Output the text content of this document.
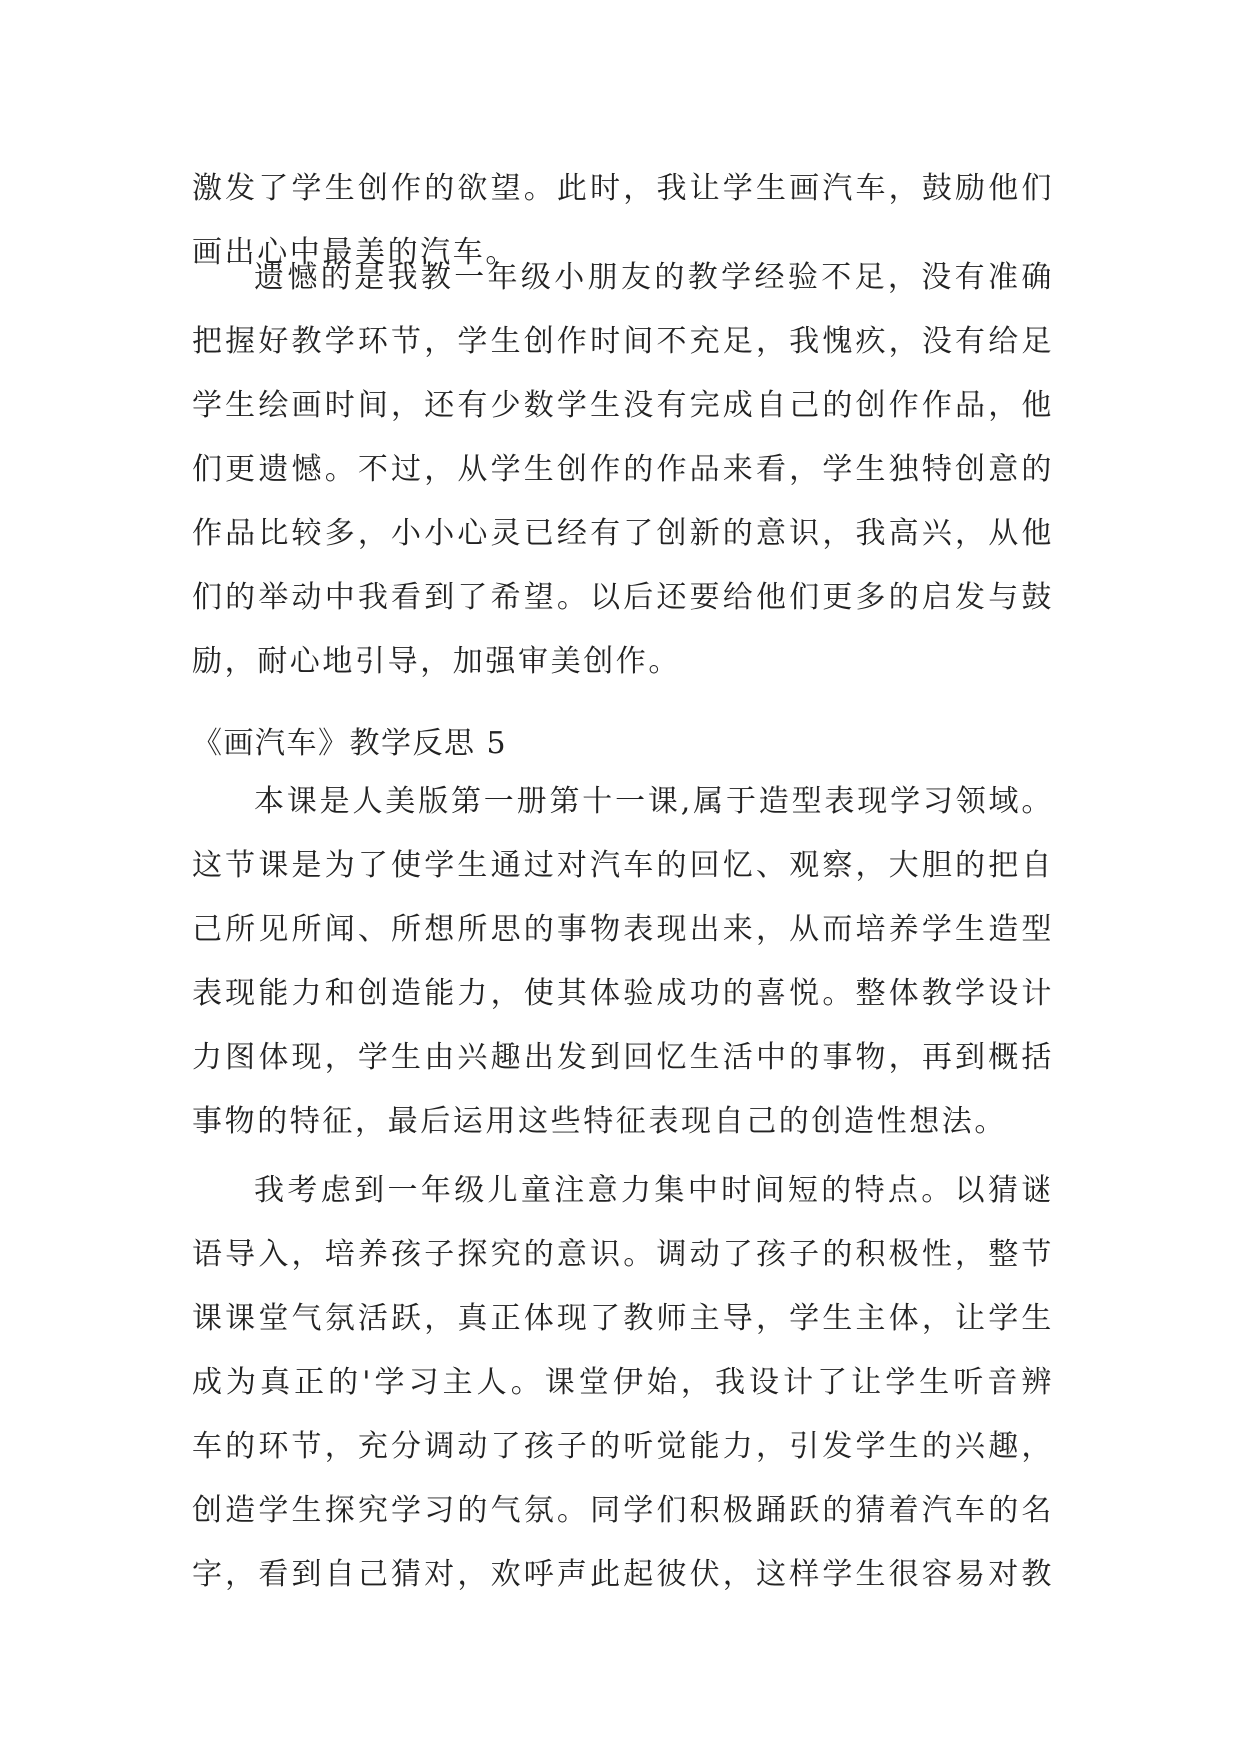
激发了学生创作的欲望。此时，我让学生画汽车，鼓励他们
画出心中最美的汽车。
遗憾的是我教一年级小朋友的教学经验不足，没有准确
把握好教学环节，学生创作时间不充足，我愧疚，没有给足
学生绘画时间，还有少数学生没有完成自己的创作作品，他
们更遗憾。不过，从学生创作的作品来看，学生独特创意的
作品比较多，小小心灵已经有了创新的意识，我高兴，从他
们的举动中我看到了希望。以后还要给他们更多的启发与鼓
励，耐心地引导，加强审美创作。
《画汽车》教学反思 5
本课是人美版第一册第十一课,属于造型表现学习领域。
这节课是为了使学生通过对汽车的回忆、观察，大胆的把自
己所见所闻、所想所思的事物表现出来，从而培养学生造型
表现能力和创造能力，使其体验成功的喜悦。整体教学设计
力图体现，学生由兴趣出发到回忆生活中的事物，再到概括
事物的特征，最后运用这些特征表现自己的创造性想法。
我考虑到一年级儿童注意力集中时间短的特点。以猜谜
语导入，培养孩子探究的意识。调动了孩子的积极性，整节
课课堂气氛活跃，真正体现了教师主导，学生主体，让学生
成为真正的'学习主人。课堂伊始，我设计了让学生听音辨
车的环节，充分调动了孩子的听觉能力，引发学生的兴趣，
创造学生探究学习的气氛。同学们积极踊跃的猜着汽车的名
字，看到自己猜对，欢呼声此起彼伏，这样学生很容易对教
